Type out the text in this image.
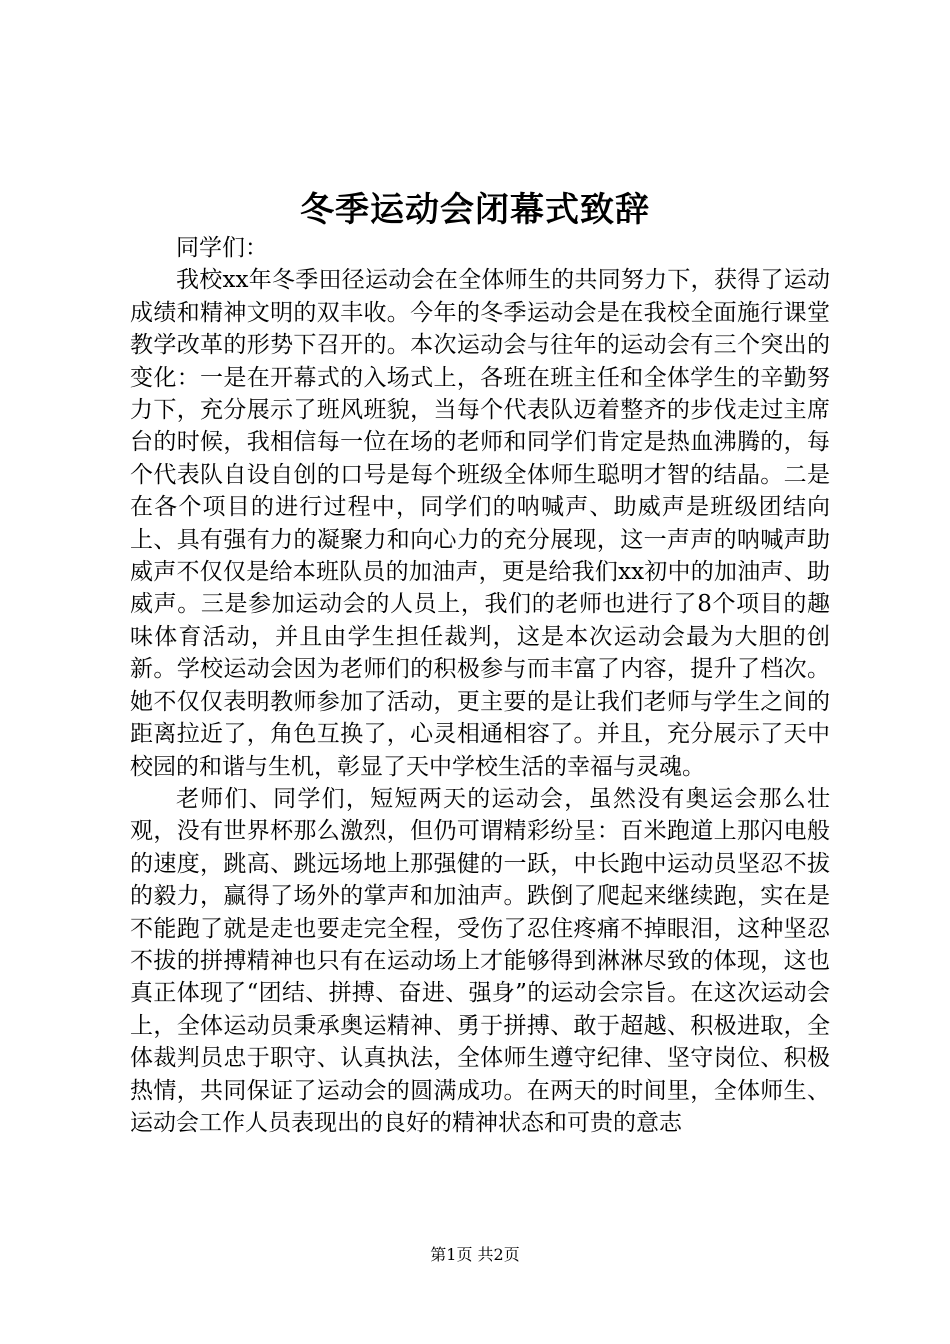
冬季运动会闭幕式致辞

同学们：

我校xx年冬季田径运动会在全体师生的共同努力下，获得了运动成绩和精神文明的双丰收。今年的冬季运动会是在我校全面施行课堂教学改革的形势下召开的。本次运动会与往年的运动会有三个突出的变化：一是在开幕式的入场式上，各班在班主任和全体学生的辛勤努力下，充分展示了班风班貌，当每个代表队迈着整齐的步伐走过主席台的时候，我相信每一位在场的老师和同学们肯定是热血沸腾的，每个代表队自设自创的口号是每个班级全体师生聪明才智的结晶。二是在各个项目的进行过程中，同学们的呐喊声、助威声是班级团结向上、具有强有力的凝聚力和向心力的充分展现，这一声声的呐喊声助威声不仅仅是给本班队员的加油声，更是给我们xx初中的加油声、助威声。三是参加运动会的人员上，我们的老师也进行了8个项目的趣味体育活动，并且由学生担任裁判，这是本次运动会最为大胆的创新。学校运动会因为老师们的积极参与而丰富了内容，提升了档次。她不仅仅表明教师参加了活动，更主要的是让我们老师与学生之间的距离拉近了，角色互换了，心灵相通相容了。并且，充分展示了天中校园的和谐与生机，彰显了天中学校生活的幸福与灵魂。

老师们、同学们，短短两天的运动会，虽然没有奥运会那么壮观，没有世界杯那么激烈，但仍可谓精彩纷呈：百米跑道上那闪电般的速度，跳高、跳远场地上那强健的一跃，中长跑中运动员坚忍不拔的毅力，赢得了场外的掌声和加油声。跌倒了爬起来继续跑，实在是不能跑了就是走也要走完全程，受伤了忍住疼痛不掉眼泪，这种坚忍不拔的拼搏精神也只有在运动场上才能够得到淋淋尽致的体现，这也真正体现了“团结、拼搏、奋进、强身”的运动会宗旨。在这次运动会上，全体运动员秉承奥运精神、勇于拼搏、敢于超越、积极进取，全体裁判员忠于职守、认真执法，全体师生遵守纪律、坚守岗位、积极热情，共同保证了运动会的圆满成功。在两天的时间里，全体师生、运动会工作人员表现出的良好的精神状态和可贵的意志

第1页 共2页
